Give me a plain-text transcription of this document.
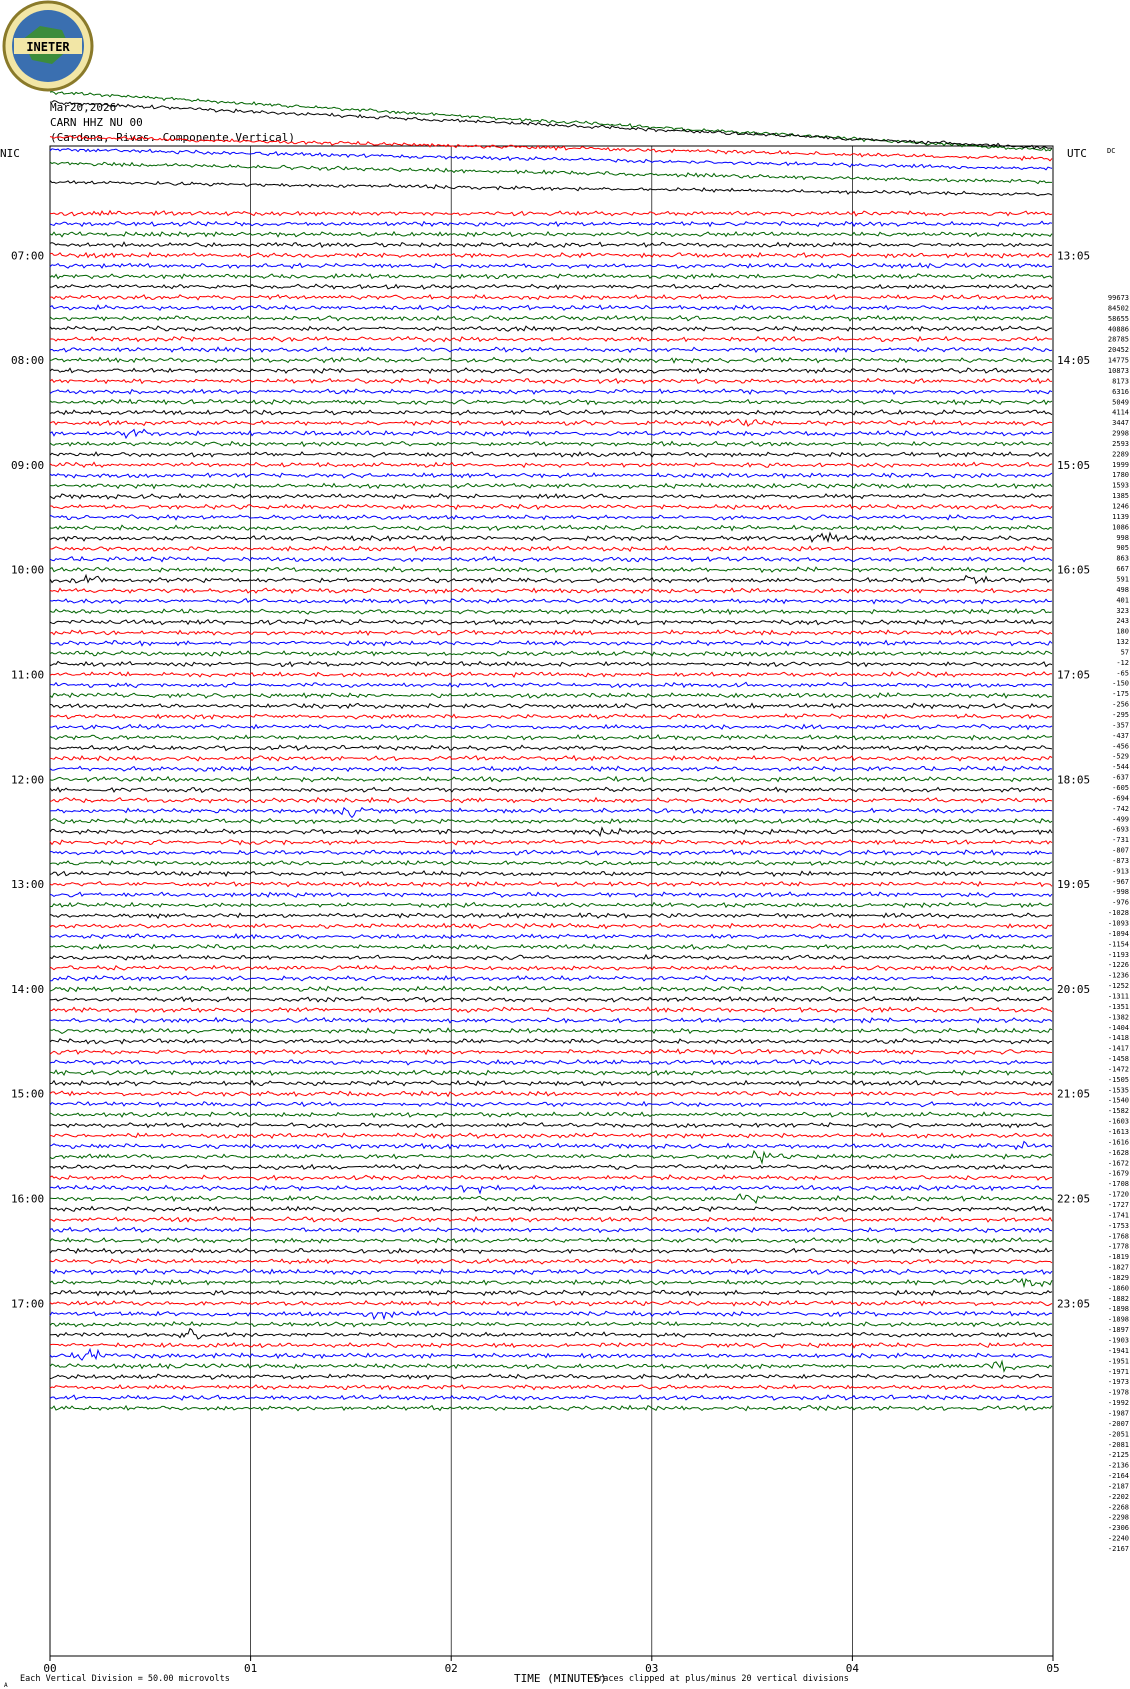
INETER
Mar20,2026
CARN HHZ NU 00
(Cardena, Rivas. Componente Vertical)
NIC	UTC	DC
07:00
08:00
09:00
10:00
11:00
12:00
13:00
14:00
15:00
16:00
17:00
13:05
14:05
15:05
16:05
17:05
18:05
19:05
20:05
21:05
22:05
23:05
99673
84502
58655
40886
28785
20452
14775
10873
8173
6316
5049
4114
3447
2998
2593
2289
1999
1780
1593
1385
1246
1139
1086
998
905
863
667
591
498
401
323
243
180
132
57
-12
-65
-150
-175
-256
-295
-357
-437
-456
-529
-544
-637
-605
-694
-742
-499
-693
-731
-807
-873
-913
-967
-998
-976
-1028
-1093
-1094
-1154
-1193
-1226
-1236
-1252
-1311
-1351
-1382
-1404
-1418
-1417
-1458
-1472
-1505
-1535
-1540
-1582
-1603
-1613
-1616
-1628
-1672
-1679
-1708
-1720
-1727
-1741
-1753
-1768
-1778
-1819
-1827
-1829
-1860
-1882
-1898
-1898
-1897
-1903
-1941
-1951
-1971
-1973
-1978
-1992
-1987
-2007
-2051
-2081
-2125
-2136
-2164
-2187
-2202
-2268
-2298
-2306
-2240
-2167
00	01	02	03	04	05
A
Each Vertical Division = 50.00 microvolts	TIME (MINUTES)
Traces clipped at plus/minus 20 vertical divisions
